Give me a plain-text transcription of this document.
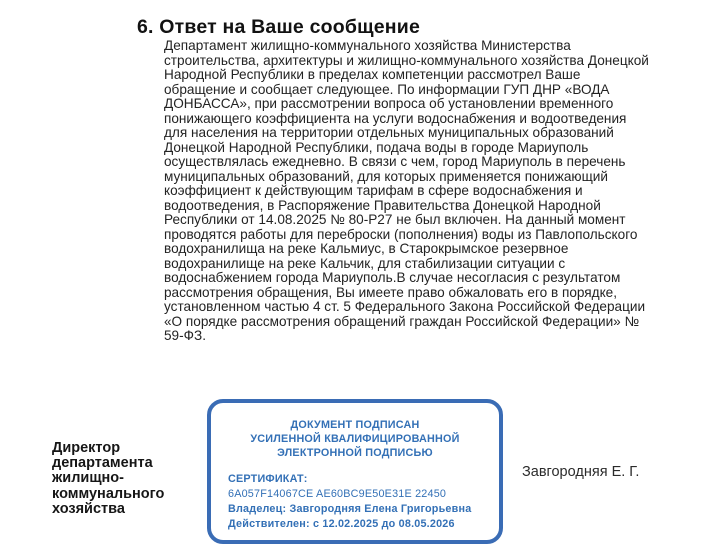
6. Ответ на Ваше сообщение

Департамент жилищно-коммунального хозяйства Министерства строительства, архитектуры и жилищно-коммунального хозяйства Донецкой Народной Республики в пределах компетенции рассмотрел Ваше обращение и сообщает следующее. По информации ГУП ДНР «ВОДА ДОНБАССА», при рассмотрении вопроса об установлении временного понижающего коэффициента на услуги водоснабжения и водоотведения для населения на территории отдельных муниципальных образований Донецкой Народной Республики, подача воды в городе Мариуполь осуществлялась ежедневно. В связи с чем, город Мариуполь в перечень муниципальных образований, для которых применяется понижающий коэффициент к действующим тарифам в сфере водоснабжения и водоотведения, в Распоряжение Правительства Донецкой Народной Республики от 14.08.2025 № 80-Р27 не был включен. На данный момент проводятся работы для переброски (пополнения) воды из Павлопольского водохранилища на реке Кальмиус, в Старокрымское резервное водохранилище на реке Кальчик, для стабилизации ситуации с водоснабжением города Мариуполь.В случае несогласия с результатом рассмотрения обращения, Вы имеете право обжаловать его в порядке, установленном частью 4 ст. 5 Федерального Закона Российской Федерации «О порядке рассмотрения обращений граждан Российской Федерации» № 59-ФЗ.

Директор департамента жилищно-коммунального хозяйства
ДОКУМЕНТ ПОДПИСАН
УСИЛЕННОЙ КВАЛИФИЦИРОВАННОЙ
ЭЛЕКТРОННОЙ ПОДПИСЬЮ
СЕРТИФИКАТ:
6A057F14067CE AE60BC9E50E31E 22450
Владелец: Завгородняя Елена Григорьевна
Действителен: с 12.02.2025 до 08.05.2026
Завгородняя Е. Г.
